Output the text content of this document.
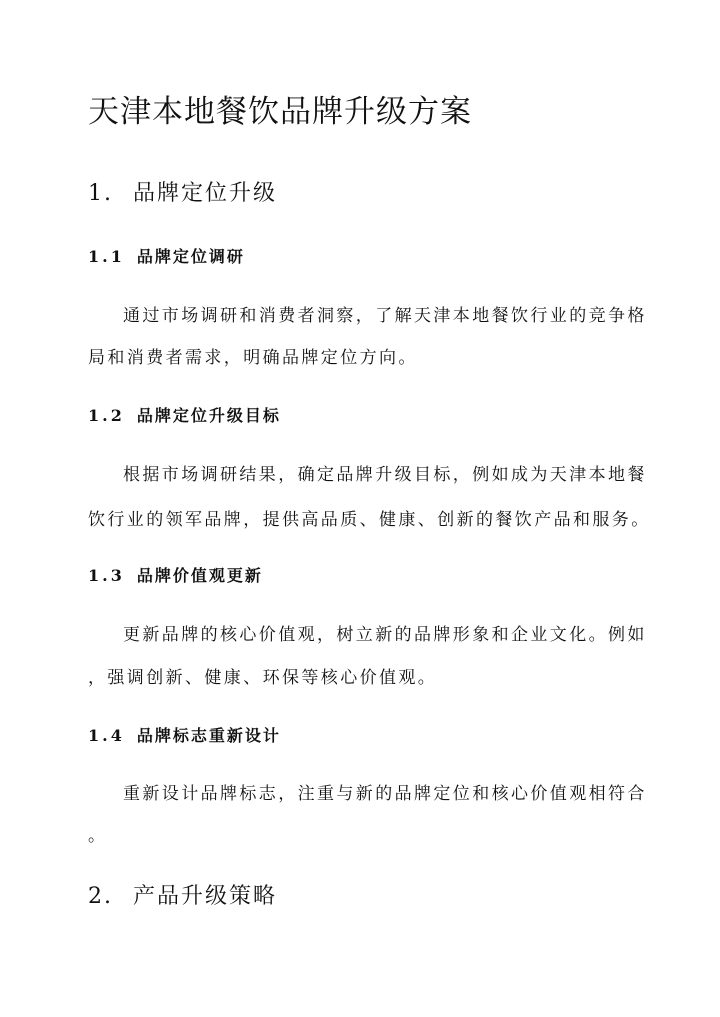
天津本地餐饮品牌升级方案
1. 品牌定位升级
1.1 品牌定位调研
通过市场调研和消费者洞察，了解天津本地餐饮行业的竞争格
局和消费者需求，明确品牌定位方向。
1.2 品牌定位升级目标
根据市场调研结果，确定品牌升级目标，例如成为天津本地餐
饮行业的领军品牌，提供高品质、健康、创新的餐饮产品和服务。
1.3 品牌价值观更新
更新品牌的核心价值观，树立新的品牌形象和企业文化。例如
，强调创新、健康、环保等核心价值观。
1.4 品牌标志重新设计
重新设计品牌标志，注重与新的品牌定位和核心价值观相符合
。
2. 产品升级策略
